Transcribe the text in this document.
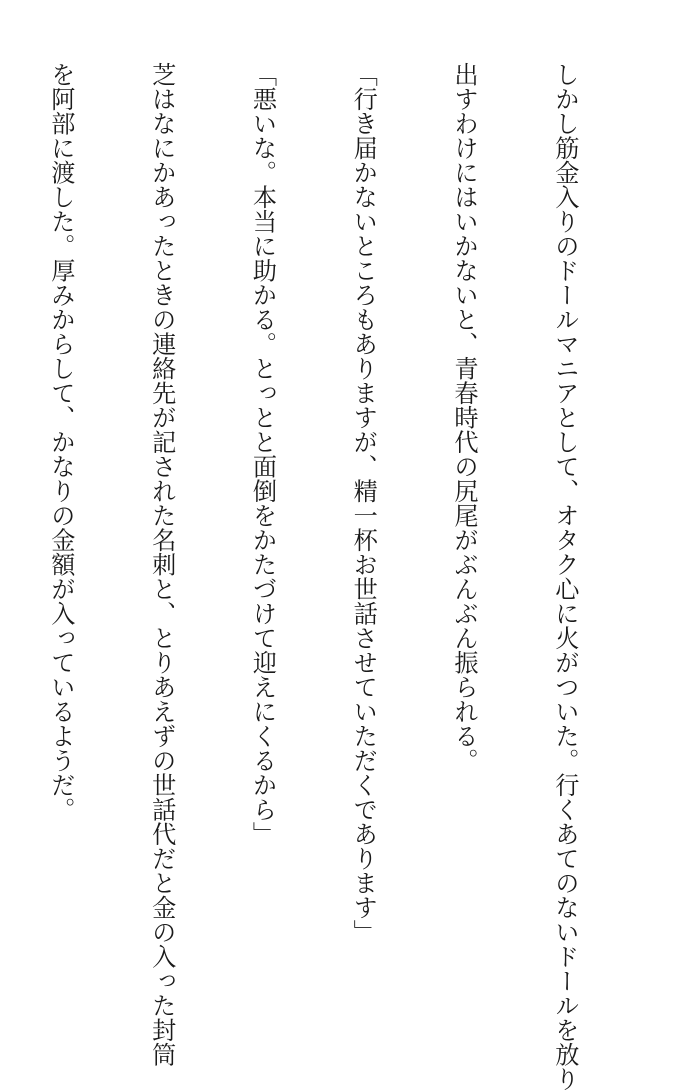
しかし筋金入りのドールマニアとして、オタク心に火がついた。行くあてのないドールを放り

出すわけにはいかないと、青春時代の尻尾がぶんぶん振られる。

「行き届かないところもありますが、精一杯お世話させていただくであります」

「悪いな。本当に助かる。とっとと面倒をかたづけて迎えにくるから」

芝はなにかあったときの連絡先が記された名刺と、とりあえずの世話代だと金の入った封筒

を阿部に渡した。厚みからして、かなりの金額が入っているようだ。
